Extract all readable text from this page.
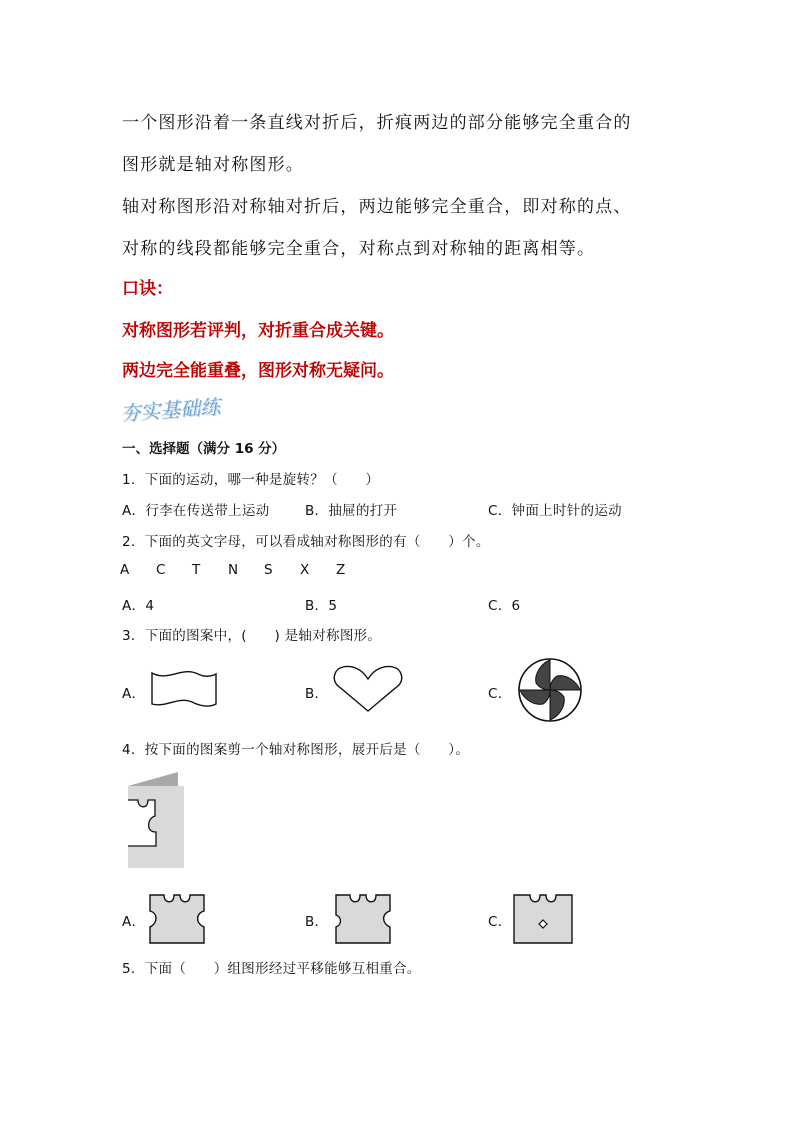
一个图形沿着一条直线对折后，折痕两边的部分能够完全重合的
图形就是轴对称图形。
轴对称图形沿对称轴对折后，两边能够完全重合，即对称的点、
对称的线段都能够完全重合，对称点到对称轴的距离相等。
口诀：
对称图形若评判，对折重合成关键。
两边完全能重叠，图形对称无疑问。
夯实基础练
一、选择题（满分 16 分）
1．下面的运动，哪一种是旋转？（　　）
A．行李在传送带上运动	B．抽屉的打开	C．钟面上时针的运动
2．下面的英文字母，可以看成轴对称图形的有（　　）个。
A C T N S X Z
A．4	B．5	C．6
3．下面的图案中，(　　) 是轴对称图形。
A．	B．	C．
4．按下面的图案剪一个轴对称图形，展开后是（　　）。
A．	B．	C．
5．下面（　　）组图形经过平移能够互相重合。
